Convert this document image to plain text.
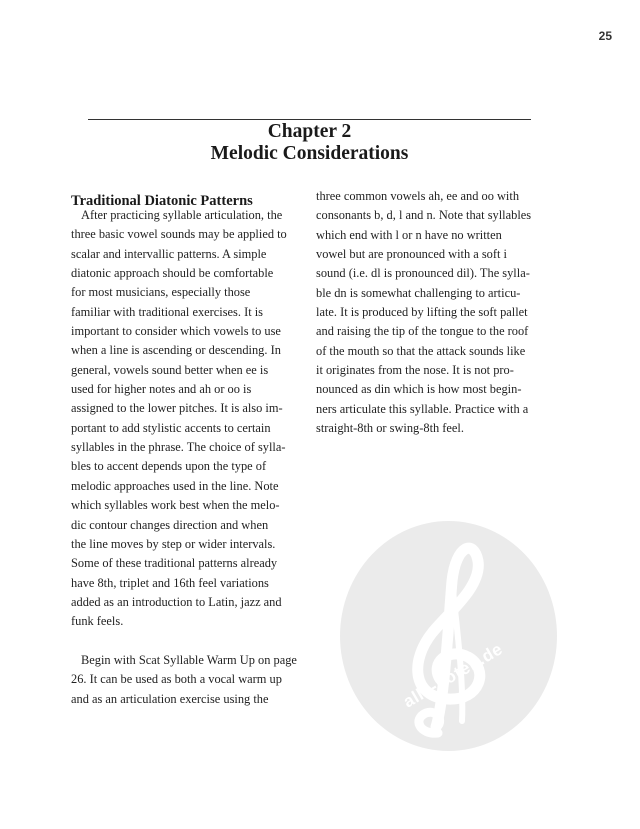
25
Chapter 2
Melodic Considerations
alle-noten.de
Traditional Diatonic Patterns
After practicing syllable articulation, the
three basic vowel sounds may be applied to
scalar and intervallic patterns. A simple
diatonic approach should be comfortable
for most musicians, especially those
familiar with traditional exercises. It is
important to consider which vowels to use
when a line is ascending or descending. In
general, vowels sound better when ee is
used for higher notes and ah or oo is
assigned to the lower pitches. It is also im-
portant to add stylistic accents to certain
syllables in the phrase. The choice of sylla-
bles to accent depends upon the type of
melodic approaches used in the line. Note
which syllables work best when the melo-
dic contour changes direction and when
the line moves by step or wider intervals.
Some of these traditional patterns already
have 8th, triplet and 16th feel variations
added as an introduction to Latin, jazz and
funk feels.
Begin with Scat Syllable Warm Up on page
26. It can be used as both a vocal warm up
and as an articulation exercise using the
three common vowels ah, ee and oo with
consonants b, d, l and n. Note that syllables
which end with l or n have no written
vowel but are pronounced with a soft i
sound (i.e. dl is pronounced dil). The sylla-
ble dn is somewhat challenging to articu-
late. It is produced by lifting the soft pallet
and raising the tip of the tongue to the roof
of the mouth so that the attack sounds like
it originates from the nose. It is not pro-
nounced as din which is how most begin-
ners articulate this syllable. Practice with a
straight-8th or swing-8th feel.
